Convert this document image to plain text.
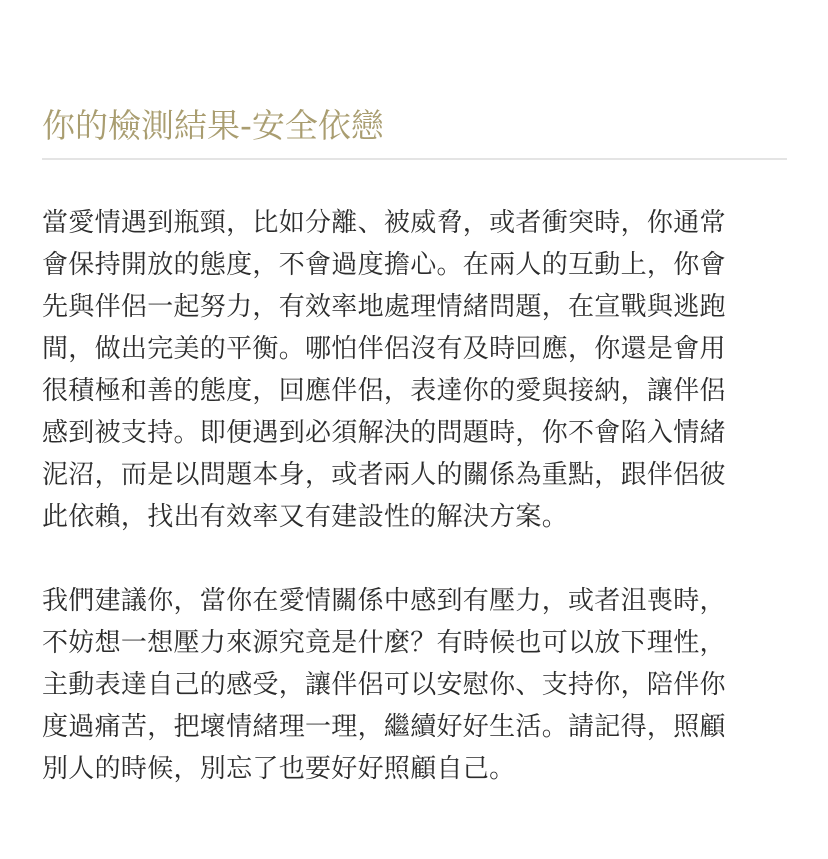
你的檢測結果-安全依戀

當愛情遇到瓶頸，比如分離、被威脅，或者衝突時，你通常
會保持開放的態度，不會過度擔心。在兩人的互動上，你會
先與伴侶一起努力，有效率地處理情緒問題，在宣戰與逃跑
間，做出完美的平衡。哪怕伴侶沒有及時回應，你還是會用
很積極和善的態度，回應伴侶，表達你的愛與接納，讓伴侶
感到被支持。即便遇到必須解決的問題時，你不會陷入情緒
泥沼，而是以問題本身，或者兩人的關係為重點，跟伴侶彼
此依賴，找出有效率又有建設性的解決方案。

我們建議你，當你在愛情關係中感到有壓力，或者沮喪時，
不妨想一想壓力來源究竟是什麼？有時候也可以放下理性，
主動表達自己的感受，讓伴侶可以安慰你、支持你，陪伴你
度過痛苦，把壞情緒理一理，繼續好好生活。請記得，照顧
別人的時候，別忘了也要好好照顧自己。
